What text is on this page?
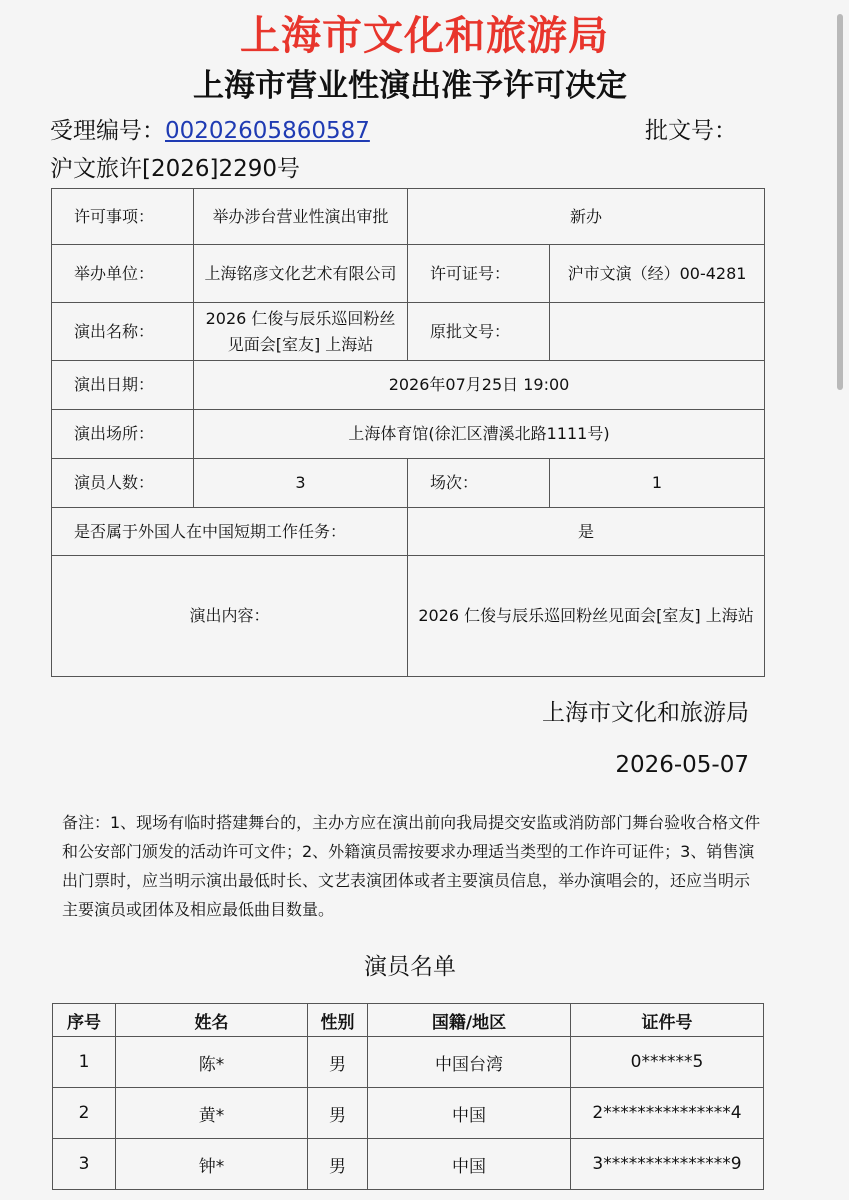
上海市文化和旅游局
上海市营业性演出准予许可决定
受理编号：00202605860587	批文号：
沪文旅许[2026]2290号
许可事项：	举办涉台营业性演出审批	新办	
举办单位：	上海铭彦文化艺术有限公司	许可证号：	沪市文演（经）00-4281
演出名称：	2026 仁俊与辰乐巡回粉丝见面会[室友] 上海站	原批文号：	
演出日期：	2026年07月25日 19:00		
演出场所：	上海体育馆(徐汇区漕溪北路1111号)		
演员人数：	3	场次：	1
是否属于外国人在中国短期工作任务：		是	
演出内容：		2026 仁俊与辰乐巡回粉丝见面会[室友] 上海站	
上海市文化和旅游局
2026-05-07
备注：1、现场有临时搭建舞台的，主办方应在演出前向我局提交安监或消防部门舞台验收合格文件和公安部门颁发的活动许可文件；2、外籍演员需按要求办理适当类型的工作许可证件；3、销售演出门票时，应当明示演出最低时长、文艺表演团体或者主要演员信息，举办演唱会的，还应当明示主要演员或团体及相应最低曲目数量。
演员名单
序号	姓名	性别	国籍/地区	证件号
1	陈*	男	中国台湾	0******5
2	黄*	男	中国	2***************4
3	钟*	男	中国	3***************9
